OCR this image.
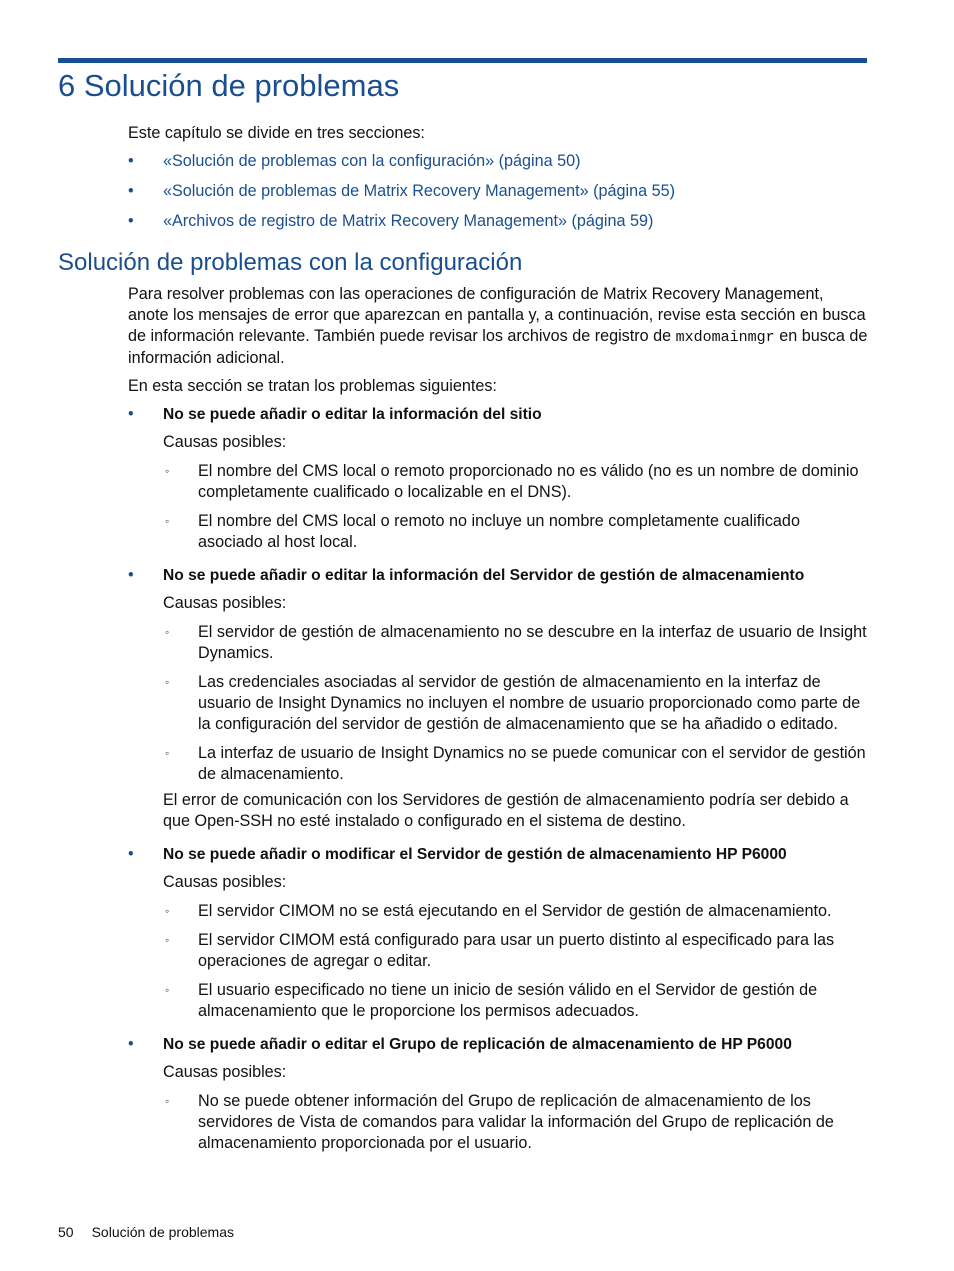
6 Solución de problemas

Este capítulo se divide en tres secciones:

• «Solución de problemas con la configuración» (página 50)
• «Solución de problemas de Matrix Recovery Management» (página 55)
• «Archivos de registro de Matrix Recovery Management» (página 59)
Solución de problemas con la configuración

Para resolver problemas con las operaciones de configuración de Matrix Recovery Management, anote los mensajes de error que aparezcan en pantalla y, a continuación, revise esta sección en busca de información relevante. También puede revisar los archivos de registro de mxdomainmgr en busca de información adicional.

En esta sección se tratan los problemas siguientes:

• No se puede añadir o editar la información del sitio

Causas posibles:

◦ El nombre del CMS local o remoto proporcionado no es válido (no es un nombre de dominio completamente cualificado o localizable en el DNS).
◦ El nombre del CMS local o remoto no incluye un nombre completamente cualificado asociado al host local.
• No se puede añadir o editar la información del Servidor de gestión de almacenamiento

Causas posibles:

◦ El servidor de gestión de almacenamiento no se descubre en la interfaz de usuario de Insight Dynamics.
◦ Las credenciales asociadas al servidor de gestión de almacenamiento en la interfaz de usuario de Insight Dynamics no incluyen el nombre de usuario proporcionado como parte de la configuración del servidor de gestión de almacenamiento que se ha añadido o editado.
◦ La interfaz de usuario de Insight Dynamics no se puede comunicar con el servidor de gestión de almacenamiento.

El error de comunicación con los Servidores de gestión de almacenamiento podría ser debido a que Open-SSH no esté instalado o configurado en el sistema de destino.

• No se puede añadir o modificar el Servidor de gestión de almacenamiento HP P6000

Causas posibles:

◦ El servidor CIMOM no se está ejecutando en el Servidor de gestión de almacenamiento.
◦ El servidor CIMOM está configurado para usar un puerto distinto al especificado para las operaciones de agregar o editar.
◦ El usuario especificado no tiene un inicio de sesión válido en el Servidor de gestión de almacenamiento que le proporcione los permisos adecuados.
• No se puede añadir o editar el Grupo de replicación de almacenamiento de HP P6000

Causas posibles:

◦ No se puede obtener información del Grupo de replicación de almacenamiento de los servidores de Vista de comandos para validar la información del Grupo de replicación de almacenamiento proporcionada por el usuario.
50 Solución de problemas
